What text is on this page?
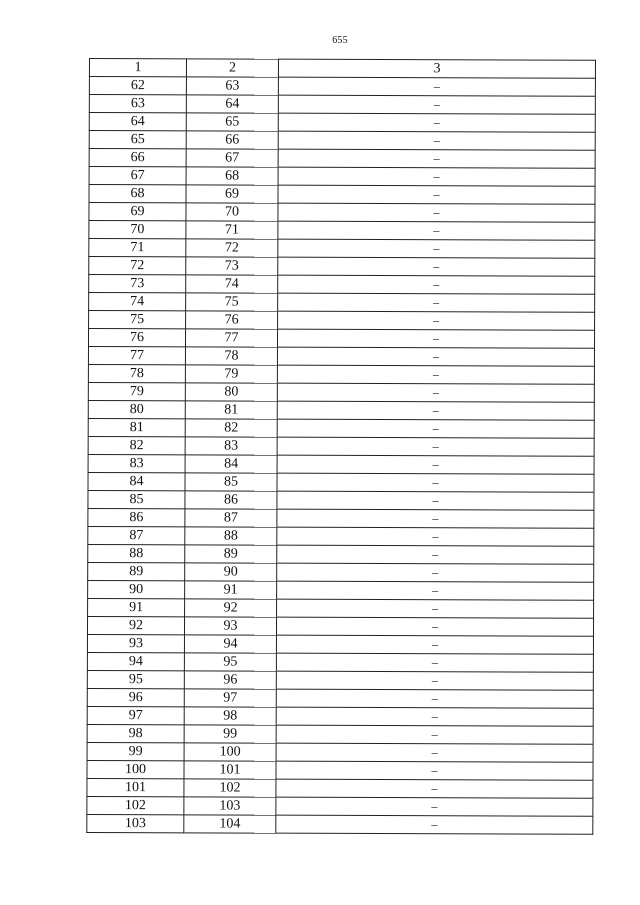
655
1	2	3
62	63	–
63	64	–
64	65	–
65	66	–
66	67	–
67	68	–
68	69	–
69	70	–
70	71	–
71	72	–
72	73	–
73	74	–
74	75	–
75	76	–
76	77	–
77	78	–
78	79	–
79	80	–
80	81	–
81	82	–
82	83	–
83	84	–
84	85	–
85	86	–
86	87	–
87	88	–
88	89	–
89	90	–
90	91	–
91	92	–
92	93	–
93	94	–
94	95	–
95	96	–
96	97	–
97	98	–
98	99	–
99	100	–
100	101	–
101	102	–
102	103	–
103	104	–
